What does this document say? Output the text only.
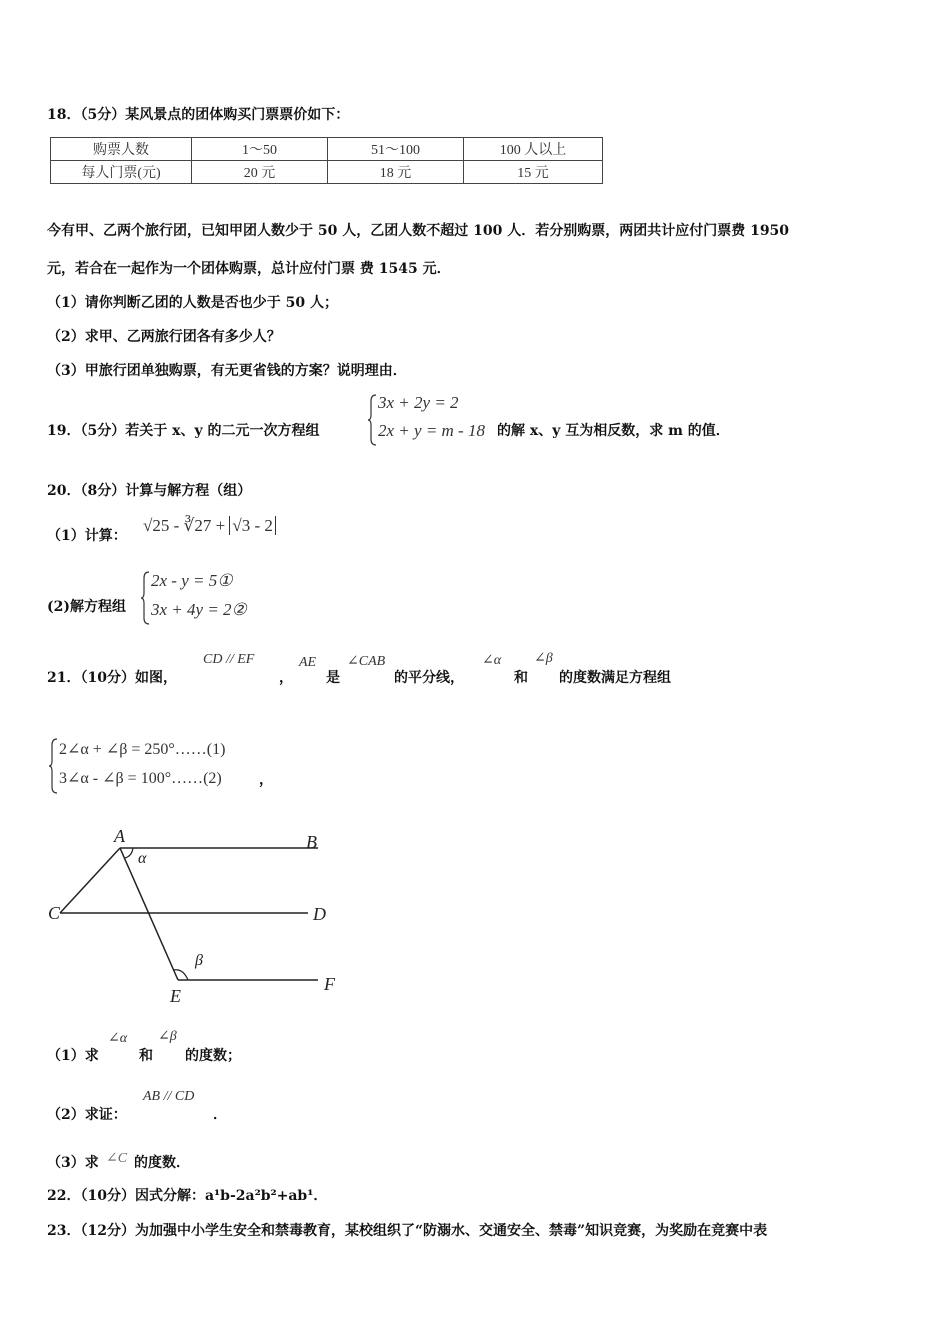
18．（5分）某风景点的团体购买门票票价如下：
购票人数	1～50	51～100	100 人以上
每人门票(元)	20 元	18 元	15 元
今有甲、乙两个旅行团，已知甲团人数少于 50 人，乙团人数不超过 100 人．若分别购票，两团共计应付门票费 1950
元，若合在一起作为一个团体购票，总计应付门票 费 1545 元．
（1）请你判断乙团的人数是否也少于 50 人；
（2）求甲、乙两旅行团各有多少人？
（3）甲旅行团单独购票，有无更省钱的方案？说明理由．
19．（5分）若关于 x、y 的二元一次方程组
3x + 2y = 2
2x + y = m - 18 的解 x、y 互为相反数，求 m 的值．
20．（8分）计算与解方程（组）
（1）计算：
√25 - ∛27 + √3 - 2
(2)解方程组
2x - y = 5①
3x + 4y = 2②
21．（10分）如图，
CD // EF
，
AE
是
∠CAB
的平分线，
∠α
和
∠β
的度数满足方程组
2∠α + ∠β = 250°……(1)
3∠α - ∠β = 100°……(2)	，
A	B
C	D
E
F
α
β
（1）求
∠α
和
∠β
的度数；
（2）求证：
AB // CD
．
（3）求 ∠C 的度数．
22．（10分）因式分解：a¹b-2a²b²+ab¹．
23．（12分）为加强中小学生安全和禁毒教育，某校组织了“防溺水、交通安全、禁毒”知识竞赛，为奖励在竞赛中表
